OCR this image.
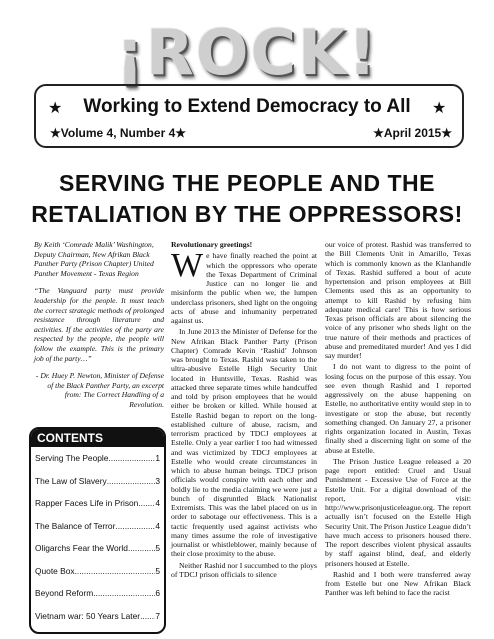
¡ROCK!
★	Working to Extend Democracy to All	★
★Volume 4, Number 4★	★April 2015★
SERVING THE PEOPLE AND THE
RETALIATION BY THE OPPRESSORS!

By Keith ‘Comrade Malik’ Washington, Deputy Chairman, New Afrikan Black Panther Party (Prison Chapter) United Panther Movement - Texas Region

“The Vanguard party must provide leadership for the people. It must teach the correct strategic methods of prolonged resistance through literature and activities. If the activities of the party are respected by the people, the people will follow the example. This is the primary job of the party…”

- Dr. Huey P. Newton, Minister of Defense of the Black Panther Party, an excerpt from: The Correct Handling of a Revolution.

CONTENTS
Serving The People .....	1
The Law of Slavery .....	3
Rapper Faces Life in Prison ..... 4
The Balance of Terror .....	4
Oligarchs Fear the World .....	5
Quote Box .....	5
Beyond Reform .....	6
Vietnam war: 50 Years Later ..... 7
.....

Revolutionary greetings!

We have finally reached the point at which the oppressors who operate the Texas Department of Criminal Justice can no longer lie and misinform the public when we, the lumpen underclass prisoners, shed light on the ongoing acts of abuse and inhumanity perpetrated against us.

In June 2013 the Minister of Defense for the New Afrikan Black Panther Party (Prison Chapter) Comrade Kevin ‘Rashid’ Johnson was brought to Texas. Rashid was taken to the ultra-abusive Estelle High Security Unit located in Huntsville, Texas. Rashid was attacked three separate times while handcuffed and told by prison employees that he would either be broken or killed. While housed at Estelle Rashid began to report on the long-established culture of abuse, racism, and terrorism practiced by TDCJ employees at Estelle. Only a year earlier I too had witnessed and was victimized by TDCJ employees at Estelle who would create circumstances in which to abuse human beings. TDCJ prison officials would conspire with each other and boldly lie to the media claiming we were just a bunch of disgruntled Black Nationalist Extremists. This was the label placed on us in order to sabotage our effectiveness. This is a tactic frequently used against activists who many times assume the role of investigative journalist or whistleblower, mainly because of their close proximity to the abuse.

Neither Rashid nor I succumbed to the ploys of TDCJ prison officials to silence

our voice of protest. Rashid was transferred to the Bill Clements Unit in Amarillo, Texas which is commonly known as the Klanhandle of Texas. Rashid suffered a bout of acute hypertension and prison employees at Bill Clements used this as an opportunity to attempt to kill Rashid by refusing him adequate medical care! This is how serious Texas prison officials are about silencing the voice of any prisoner who sheds light on the true nature of their methods and practices of abuse and premeditated murder! And yes I did say murder!

I do not want to digress to the point of losing focus on the purpose of this essay. You see even though Rashid and I reported aggressively on the abuse happening on Estelle, no authoritative entity would step in to investigate or stop the abuse, but recently something changed. On January 27, a prisoner rights organization located in Austin, Texas finally shed a discerning light on some of the abuse at Estelle.

The Prison Justice League released a 20 page report entitled: Cruel and Usual Punishment - Excessive Use of Force at the Estelle Unit. For a digital download of the report, visit: http://www.prisonjusticeleague.org. The report actually isn’t focused on the Estelle High Security Unit. The Prison Justice League didn’t have much access to prisoners housed there. The report describes violent physical assaults by staff against blind, deaf, and elderly prisoners housed at Estelle.

Rashid and I both were transferred away from Estelle but one New Afrikan Black Panther was left behind to face the racist
